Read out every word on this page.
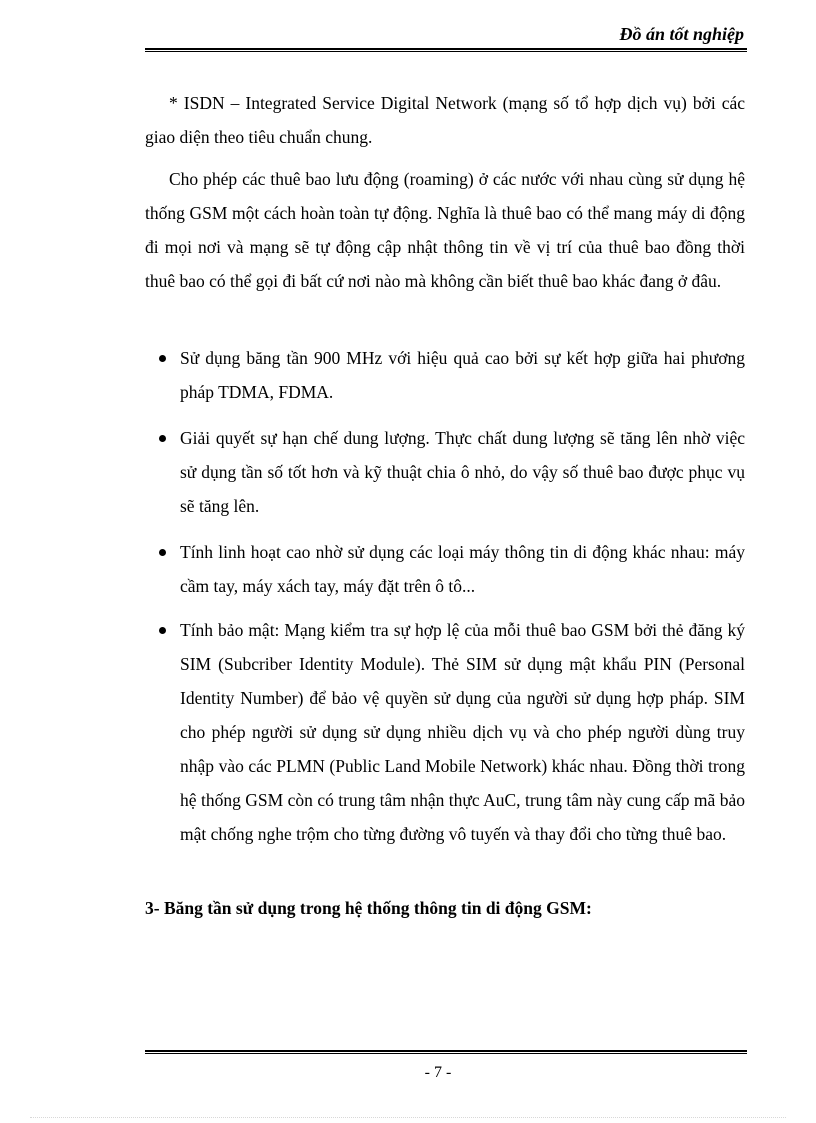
Đồ án tốt nghiệp

* ISDN – Integrated Service Digital Network (mạng số tổ hợp dịch vụ) bởi các giao diện theo tiêu chuẩn chung.

Cho phép các thuê bao lưu động (roaming) ở các nước với nhau cùng sử dụng hệ thống GSM một cách hoàn toàn tự động. Nghĩa là thuê bao có thể mang máy di động đi mọi nơi và mạng sẽ tự động cập nhật thông tin về vị trí của thuê bao đồng thời thuê bao có thể gọi đi bất cứ nơi nào mà không cần biết thuê bao khác đang ở đâu.

Sử dụng băng tần 900 MHz với hiệu quả cao bởi sự kết hợp giữa hai phương pháp TDMA, FDMA.
Giải quyết sự hạn chế dung lượng. Thực chất dung lượng sẽ tăng lên nhờ việc sử dụng tần số tốt hơn và kỹ thuật chia ô nhỏ, do vậy số thuê bao được phục vụ sẽ tăng lên.
Tính linh hoạt cao nhờ sử dụng các loại máy thông tin di động khác nhau: máy cầm tay, máy xách tay, máy đặt trên ô tô...
Tính bảo mật: Mạng kiểm tra sự hợp lệ của mỗi thuê bao GSM bởi thẻ đăng ký SIM (Subcriber Identity Module). Thẻ SIM sử dụng mật khẩu PIN (Personal Identity Number) để bảo vệ quyền sử dụng của người sử dụng hợp pháp. SIM cho phép người sử dụng sử dụng nhiều dịch vụ và cho phép người dùng truy nhập vào các PLMN (Public Land Mobile Network) khác nhau. Đồng thời trong hệ thống GSM còn có trung tâm nhận thực AuC, trung tâm này cung cấp mã bảo mật chống nghe trộm cho từng đường vô tuyến và thay đổi cho từng thuê bao.
3- Băng tần sử dụng trong hệ thống thông tin di động GSM:
- 7 -
